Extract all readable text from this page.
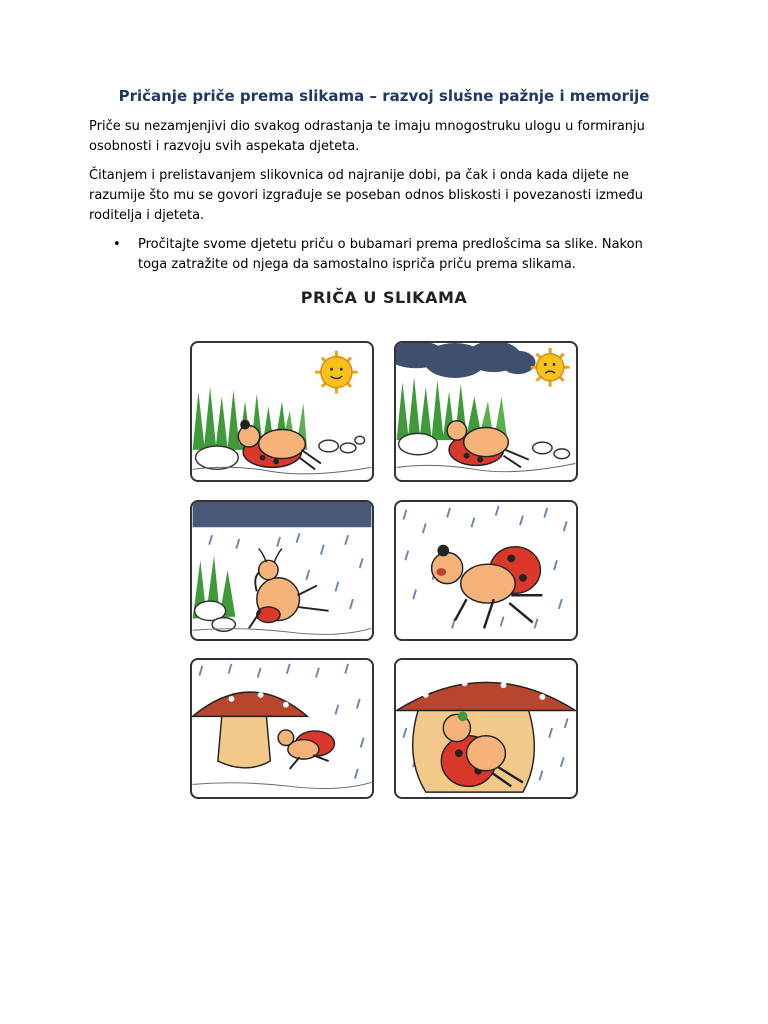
Pričanje priče prema slikama – razvoj slušne pažnje i memorije

Priče su nezamjenjivi dio svakog odrastanja te imaju mnogostruku ulogu u formiranju osobnosti i razvoju svih aspekata djeteta.

Čitanjem i prelistavanjem slikovnica od najranije dobi, pa čak i onda kada dijete ne razumije što mu se govori izgrađuje se poseban odnos bliskosti i povezanosti između roditelja i djeteta.

• Pročitajte svome djetetu priču o bubamari prema predlošcima sa slike. Nakon toga zatražite od njega da samostalno ispriča priču prema slikama.

PRIČA U SLIKAMA
